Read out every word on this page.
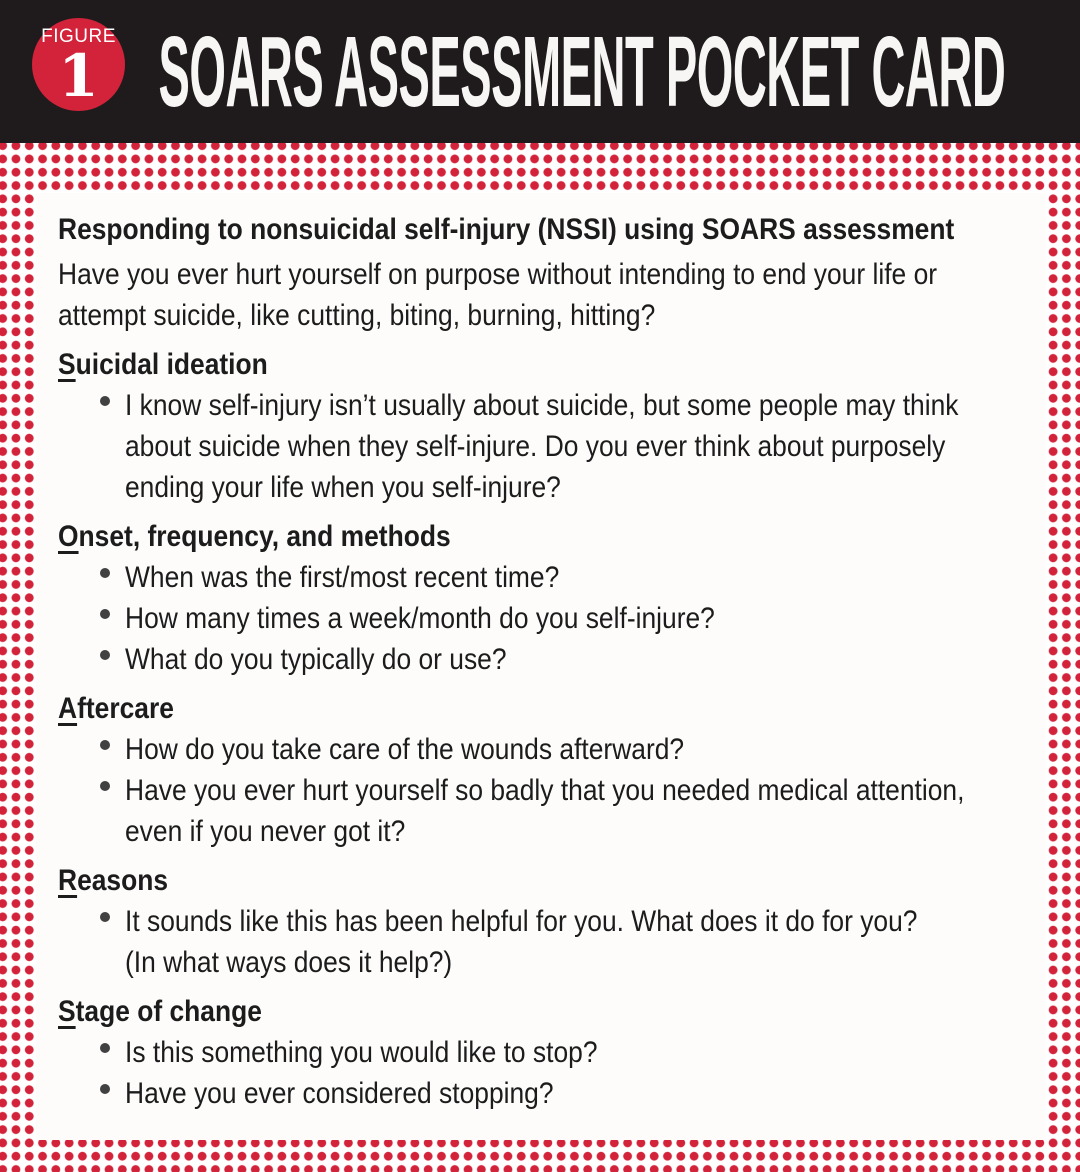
FIGURE
1 SOARS ASSESSMENT POCKET CARD
Responding to nonsuicidal self-injury (NSSI) using SOARS assessment
Have you ever hurt yourself on purpose without intending to end your life or
attempt suicide, like cutting, biting, burning, hitting?
Suicidal ideation
I know self-injury isn’t usually about suicide, but some people may think
about suicide when they self-injure. Do you ever think about purposely
ending your life when you self-injure?
Onset, frequency, and methods
When was the first/most recent time?
How many times a week/month do you self-injure?
What do you typically do or use?
Aftercare
How do you take care of the wounds afterward?
Have you ever hurt yourself so badly that you needed medical attention,
even if you never got it?
Reasons
It sounds like this has been helpful for you. What does it do for you?
(In what ways does it help?)
Stage of change
Is this something you would like to stop?
Have you ever considered stopping?
